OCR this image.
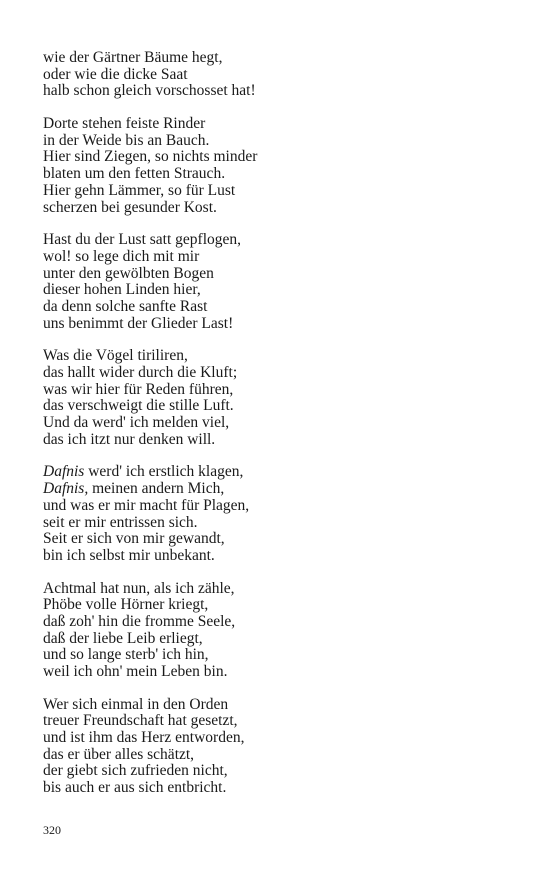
wie der Gärtner Bäume hegt,
oder wie die dicke Saat
halb schon gleich vorschosset hat!
Dorte stehen feiste Rinder
in der Weide bis an Bauch.
Hier sind Ziegen, so nichts minder
blaten um den fetten Strauch.
Hier gehn Lämmer, so für Lust
scherzen bei gesunder Kost.
Hast du der Lust satt gepflogen,
wol! so lege dich mit mir
unter den gewölbten Bogen
dieser hohen Linden hier,
da denn solche sanfte Rast
uns benimmt der Glieder Last!
Was die Vögel tiriliren,
das hallt wider durch die Kluft;
was wir hier für Reden führen,
das verschweigt die stille Luft.
Und da werd' ich melden viel,
das ich itzt nur denken will.
Dafnis werd' ich erstlich klagen,
Dafnis, meinen andern Mich,
und was er mir macht für Plagen,
seit er mir entrissen sich.
Seit er sich von mir gewandt,
bin ich selbst mir unbekant.
Achtmal hat nun, als ich zähle,
Phöbe volle Hörner kriegt,
daß zoh' hin die fromme Seele,
daß der liebe Leib erliegt,
und so lange sterb' ich hin,
weil ich ohn' mein Leben bin.
Wer sich einmal in den Orden
treuer Freundschaft hat gesetzt,
und ist ihm das Herz entworden,
das er über alles schätzt,
der giebt sich zufrieden nicht,
bis auch er aus sich entbricht.
320
